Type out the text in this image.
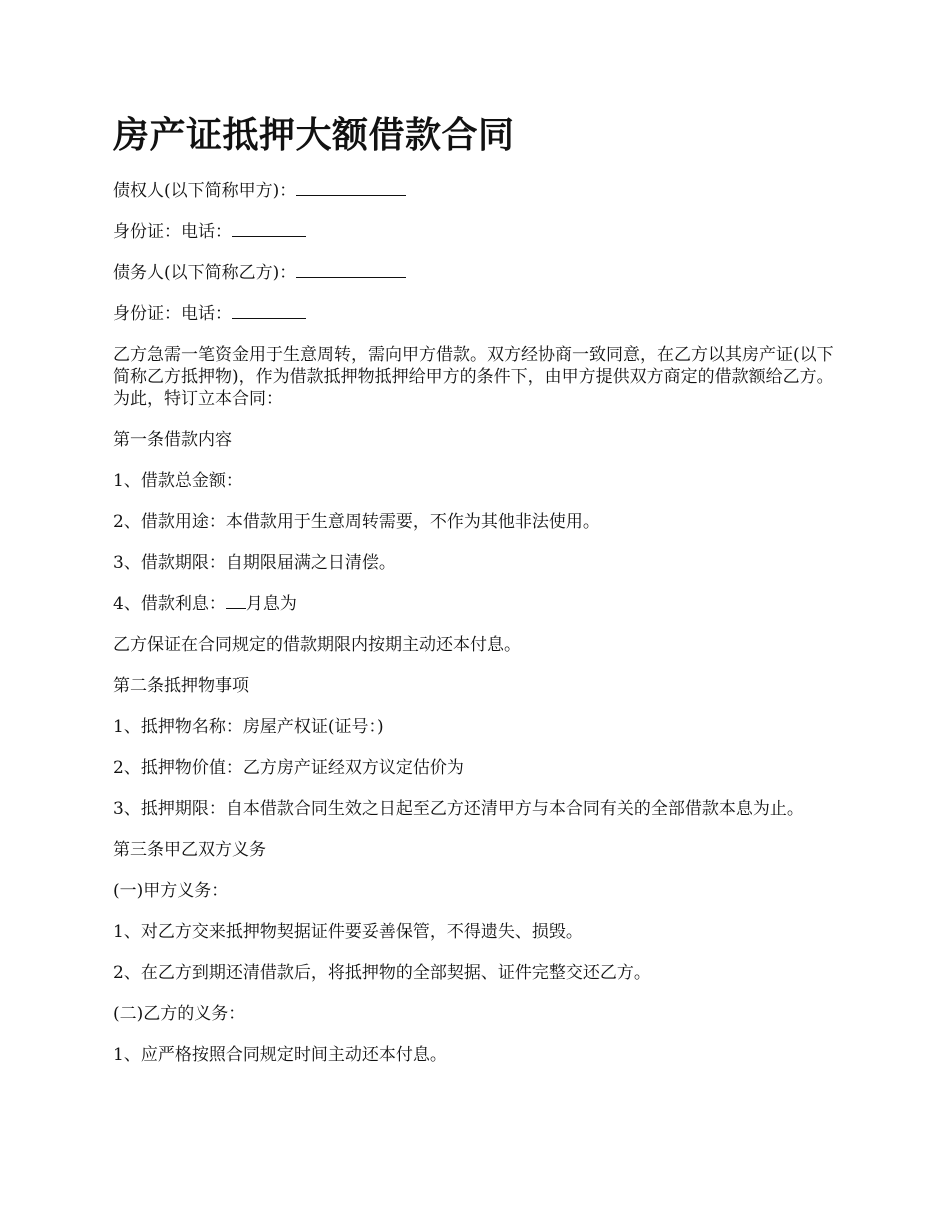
房产证抵押大额借款合同

债权人(以下简称甲方)：

身份证：电话：

债务人(以下简称乙方)：

身份证：电话：

乙方急需一笔资金用于生意周转，需向甲方借款。双方经协商一致同意，在乙方以其房产证(以下简称乙方抵押物)，作为借款抵押物抵押给甲方的条件下，由甲方提供双方商定的借款额给乙方。为此，特订立本合同：

第一条借款内容

1、借款总金额：

2、借款用途：本借款用于生意周转需要，不作为其他非法使用。

3、借款期限：自期限届满之日清偿。

4、借款利息： 月息为

乙方保证在合同规定的借款期限内按期主动还本付息。

第二条抵押物事项

1、抵押物名称：房屋产权证(证号：)

2、抵押物价值：乙方房产证经双方议定估价为

3、抵押期限：自本借款合同生效之日起至乙方还清甲方与本合同有关的全部借款本息为止。

第三条甲乙双方义务

(一)甲方义务：

1、对乙方交来抵押物契据证件要妥善保管，不得遗失、损毁。

2、在乙方到期还清借款后，将抵押物的全部契据、证件完整交还乙方。

(二)乙方的义务：

1、应严格按照合同规定时间主动还本付息。
